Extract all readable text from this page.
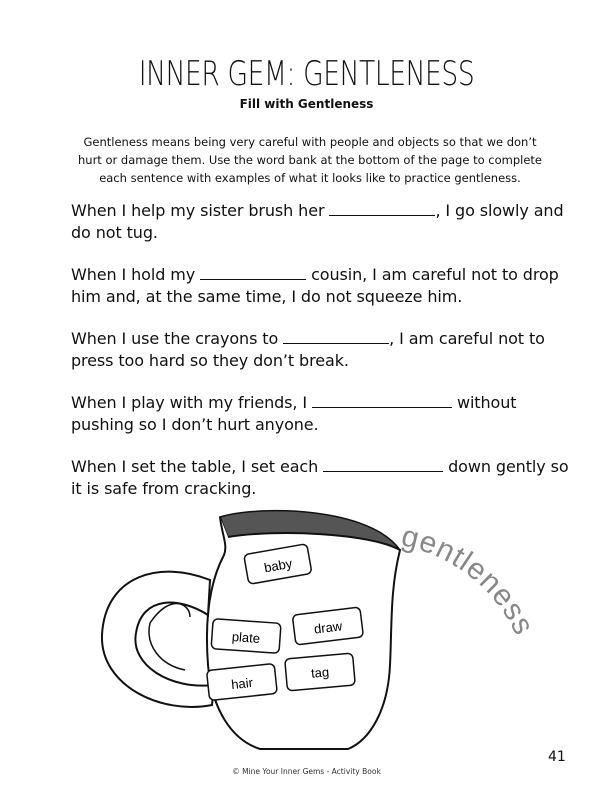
INNER GEM: GENTLENESS

Fill with Gentleness

Gentleness means being very careful with people and objects so that we don’t hurt or damage them. Use the word bank at the bottom of the page to complete each sentence with examples of what it looks like to practice gentleness.

When I help my sister brush her	, I go slowly and do not tug.
When I hold my	cousin, I am careful not to drop him and, at the same time, I do not squeeze him.
When I use the crayons to	, I am careful not to press too hard so they don’t break.
When I play with my friends, I	without pushing so I don’t hurt anyone.
When I set the table, I set each	down gently so it is safe from cracking.
baby
draw
plate
tag
hair
gentleness

© Mine Your Inner Gems - Activity Book

41
